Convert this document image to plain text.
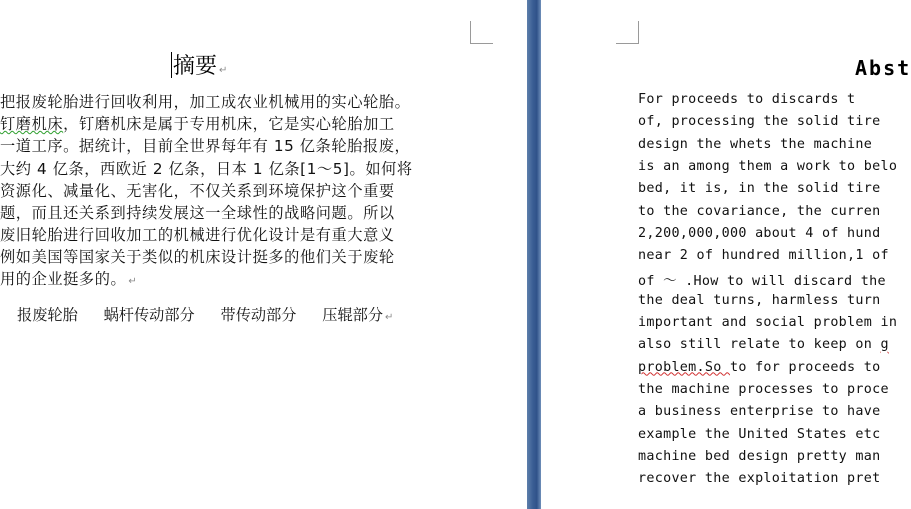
摘要 ↵
把报废轮胎进行回收利用，加工成农业机械用的实心轮胎。
钉磨机床，钉磨机床是属于专用机床，它是实心轮胎加工
一道工序。据统计，目前全世界每年有 15 亿条轮胎报废，
大约 4 亿条，西欧近 2 亿条，日本 1 亿条[1～5]。如何将
资源化、减量化、无害化，不仅关系到环境保护这个重要
题，而且还关系到持续发展这一全球性的战略问题。所以
废旧轮胎进行回收加工的机械进行优化设计是有重大意义
例如美国等国家关于类似的机床设计挺多的他们关于废轮
用的企业挺多的。 ↵
报废轮胎 蜗杆传动部分 带传动部分 压辊部分 ↵
Abst
For proceeds to discards t
of, processing the solid tire
design the whets the machine
is an among them a work to belo
bed, it is, in the solid tire
to the covariance, the curren
2,200,000,000 about 4 of hund
near 2 of hundred million,1 of
of ～ .How to will discard the
the deal turns, harmless turn
important and social problem in
also still relate to keep on g
problem.So to for proceeds to
the machine processes to proce
a business enterprise to have
example the United States etc
machine bed design pretty man
recover the exploitation pret
